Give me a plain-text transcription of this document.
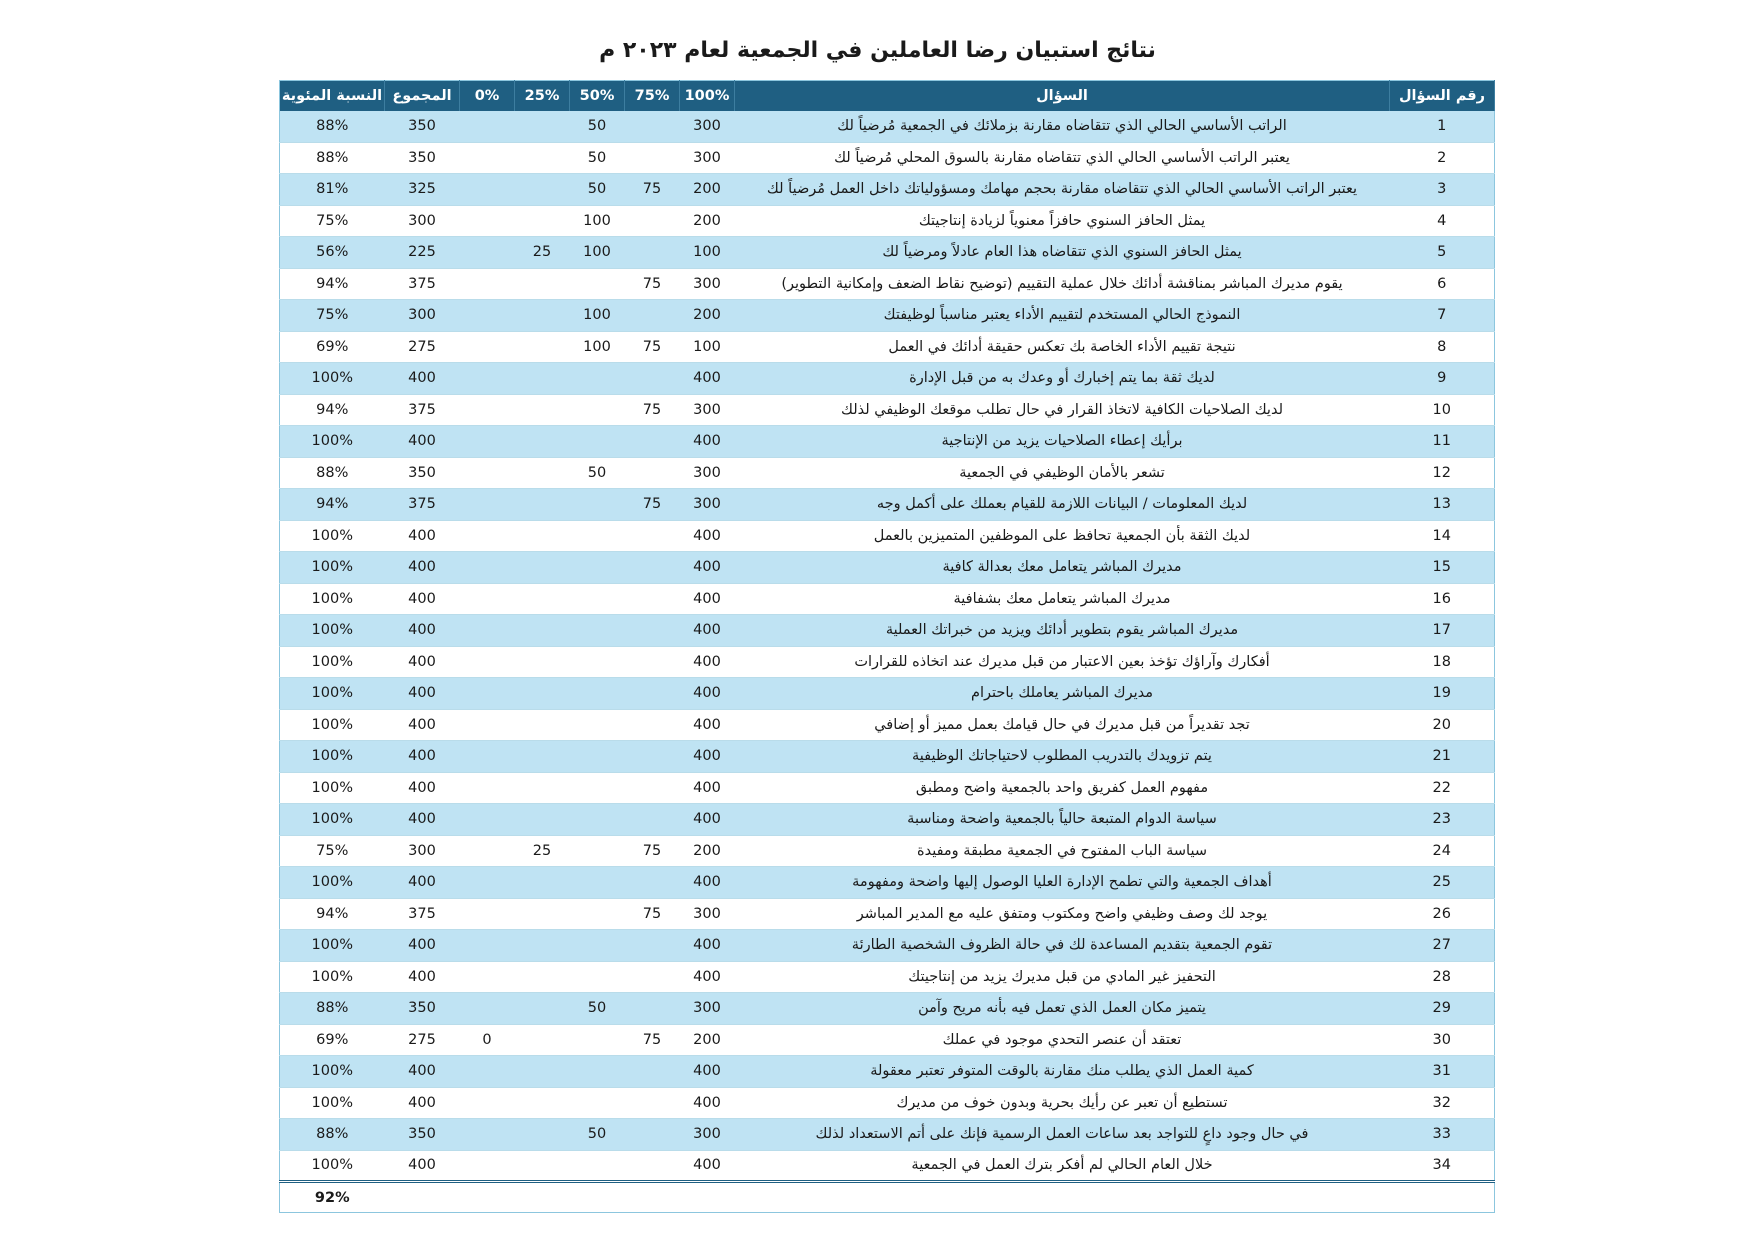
نتائج استبيان رضا العاملين في الجمعية لعام ٢٠٢٣ م
رقم السؤال	السؤال	100%	75%	50%	25%	0%	المجموع	النسبة المئوية
1	الراتب الأساسي الحالي الذي تتقاضاه مقارنة بزملائك في الجمعية مُرضياً لك	300		50			350	88%
2	يعتبر الراتب الأساسي الحالي الذي تتقاضاه مقارنة بالسوق المحلي مُرضياً لك	300		50			350	88%
3	يعتبر الراتب الأساسي الحالي الذي تتقاضاه مقارنة بحجم مهامك ومسؤولياتك داخل العمل مُرضياً لك	200	75	50			325	81%
4	يمثل الحافز السنوي حافزاً معنوياً لزيادة إنتاجيتك	200		100			300	75%
5	يمثل الحافز السنوي الذي تتقاضاه هذا العام عادلاً ومرضياً لك	100		100	25		225	56%
6	يقوم مديرك المباشر بمناقشة أدائك خلال عملية التقييم (توضيح نقاط الضعف وإمكانية التطوير)	300	75				375	94%
7	النموذج الحالي المستخدم لتقييم الأداء يعتبر مناسباً لوظيفتك	200		100			300	75%
8	نتيجة تقييم الأداء الخاصة بك تعكس حقيقة أدائك في العمل	100	75	100			275	69%
9	لديك ثقة بما يتم إخبارك أو وعدك به من قبل الإدارة	400					400	100%
10	لديك الصلاحيات الكافية لاتخاذ القرار في حال تطلب موقعك الوظيفي لذلك	300	75				375	94%
11	برأيك إعطاء الصلاحيات يزيد من الإنتاجية	400					400	100%
12	تشعر بالأمان الوظيفي في الجمعية	300		50			350	88%
13	لديك المعلومات / البيانات اللازمة للقيام بعملك على أكمل وجه	300	75				375	94%
14	لديك الثقة بأن الجمعية تحافظ على الموظفين المتميزين بالعمل	400					400	100%
15	مديرك المباشر يتعامل معك بعدالة كافية	400					400	100%
16	مديرك المباشر يتعامل معك بشفافية	400					400	100%
17	مديرك المباشر يقوم بتطوير أدائك ويزيد من خبراتك العملية	400					400	100%
18	أفكارك وآراؤك تؤخذ بعين الاعتبار من قبل مديرك عند اتخاذه للقرارات	400					400	100%
19	مديرك المباشر يعاملك باحترام	400					400	100%
20	تجد تقديراً من قبل مديرك في حال قيامك بعمل مميز أو إضافي	400					400	100%
21	يتم تزويدك بالتدريب المطلوب لاحتياجاتك الوظيفية	400					400	100%
22	مفهوم العمل كفريق واحد بالجمعية واضح ومطبق	400					400	100%
23	سياسة الدوام المتبعة حالياً بالجمعية واضحة ومناسبة	400					400	100%
24	سياسة الباب المفتوح في الجمعية مطبقة ومفيدة	200	75		25		300	75%
25	أهداف الجمعية والتي تطمح الإدارة العليا الوصول إليها واضحة ومفهومة	400					400	100%
26	يوجد لك وصف وظيفي واضح ومكتوب ومتفق عليه مع المدير المباشر	300	75				375	94%
27	تقوم الجمعية بتقديم المساعدة لك في حالة الظروف الشخصية الطارئة	400					400	100%
28	التحفيز غير المادي من قبل مديرك يزيد من إنتاجيتك	400					400	100%
29	يتميز مكان العمل الذي تعمل فيه بأنه مريح وآمن	300		50			350	88%
30	تعتقد أن عنصر التحدي موجود في عملك	200	75			0	275	69%
31	كمية العمل الذي يطلب منك مقارنة بالوقت المتوفر تعتبر معقولة	400					400	100%
32	تستطيع أن تعبر عن رأيك بحرية وبدون خوف من مديرك	400					400	100%
33	في حال وجود داعٍ للتواجد بعد ساعات العمل الرسمية فإنك على أتم الاستعداد لذلك	300		50			350	88%
34	خلال العام الحالي لم أفكر بترك العمل في الجمعية	400					400	100%
								92%
